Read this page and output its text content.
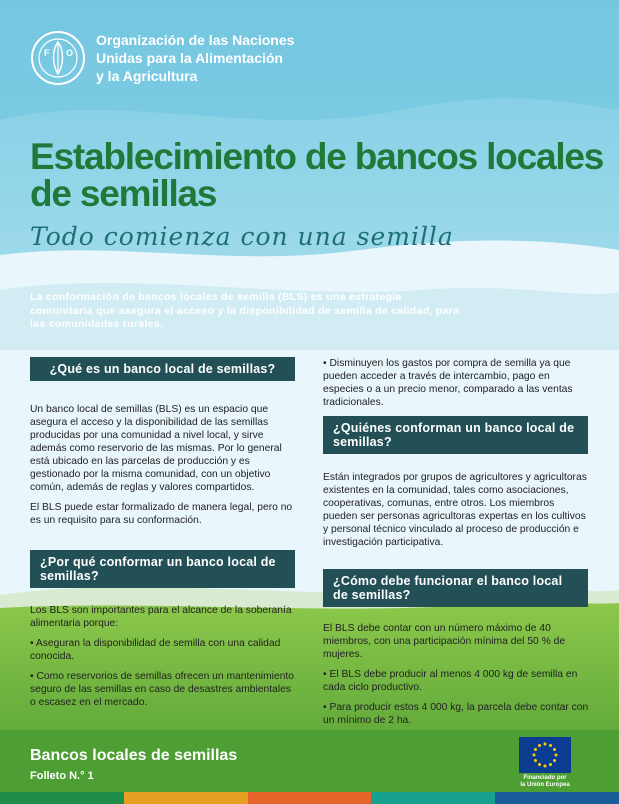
F O
Organización de las Naciones
Unidas para la Alimentación
y la Agricultura
Establecimiento de bancos locales
de semillas
Todo comienza con una semilla
La conformación de bancos locales de semilla (BLS) es una estrategia comunitaria que asegura el acceso y la disponibilidad de semilla de calidad, para las comunidades rurales.
¿Qué es un banco local de semillas?
Un banco local de semillas (BLS) es un espacio que asegura el acceso y la disponibilidad de las semillas producidas por una comunidad a nivel local, y sirve además como reservorio de las mismas. Por lo general está ubicado en las parcelas de producción y es gestionado por la misma comunidad, con un objetivo común, además de reglas y valores compartidos.
El BLS puede estar formalizado de manera legal, pero no es un requisito para su conformación.
¿Por qué conformar un banco local de semillas?
Los BLS son importantes para el alcance de la soberanía alimentaria porque:
• Aseguran la disponibilidad de semilla con una calidad conocida.
• Como reservorios de semillas ofrecen un mantenimiento seguro de las semillas en caso de desastres ambientales o escasez en el mercado.
• Disminuyen los gastos por compra de semilla ya que pueden acceder a través de intercambio, pago en especies o a un precio menor, comparado a las ventas tradicionales.
¿Quiénes conforman un banco local de semillas?
Están integrados por grupos de agricultores y agricultoras existentes en la comunidad, tales como asociaciones, cooperativas, comunas, entre otros. Los miembros pueden ser personas agricultoras expertas en los cultivos y personal técnico vinculado al proceso de producción e investigación participativa.
¿Cómo debe funcionar el banco local de semillas?
El BLS debe contar con un número máximo de 40 miembros, con una participación mínima del 50 % de mujeres.
• El BLS debe producir al menos 4 000 kg de semilla en cada ciclo productivo.
• Para producir estos 4 000 kg, la parcela debe contar con un mínimo de 2 ha.
Bancos locales de semillas
Folleto N.° 1	Financiado por
la Unión Europea
